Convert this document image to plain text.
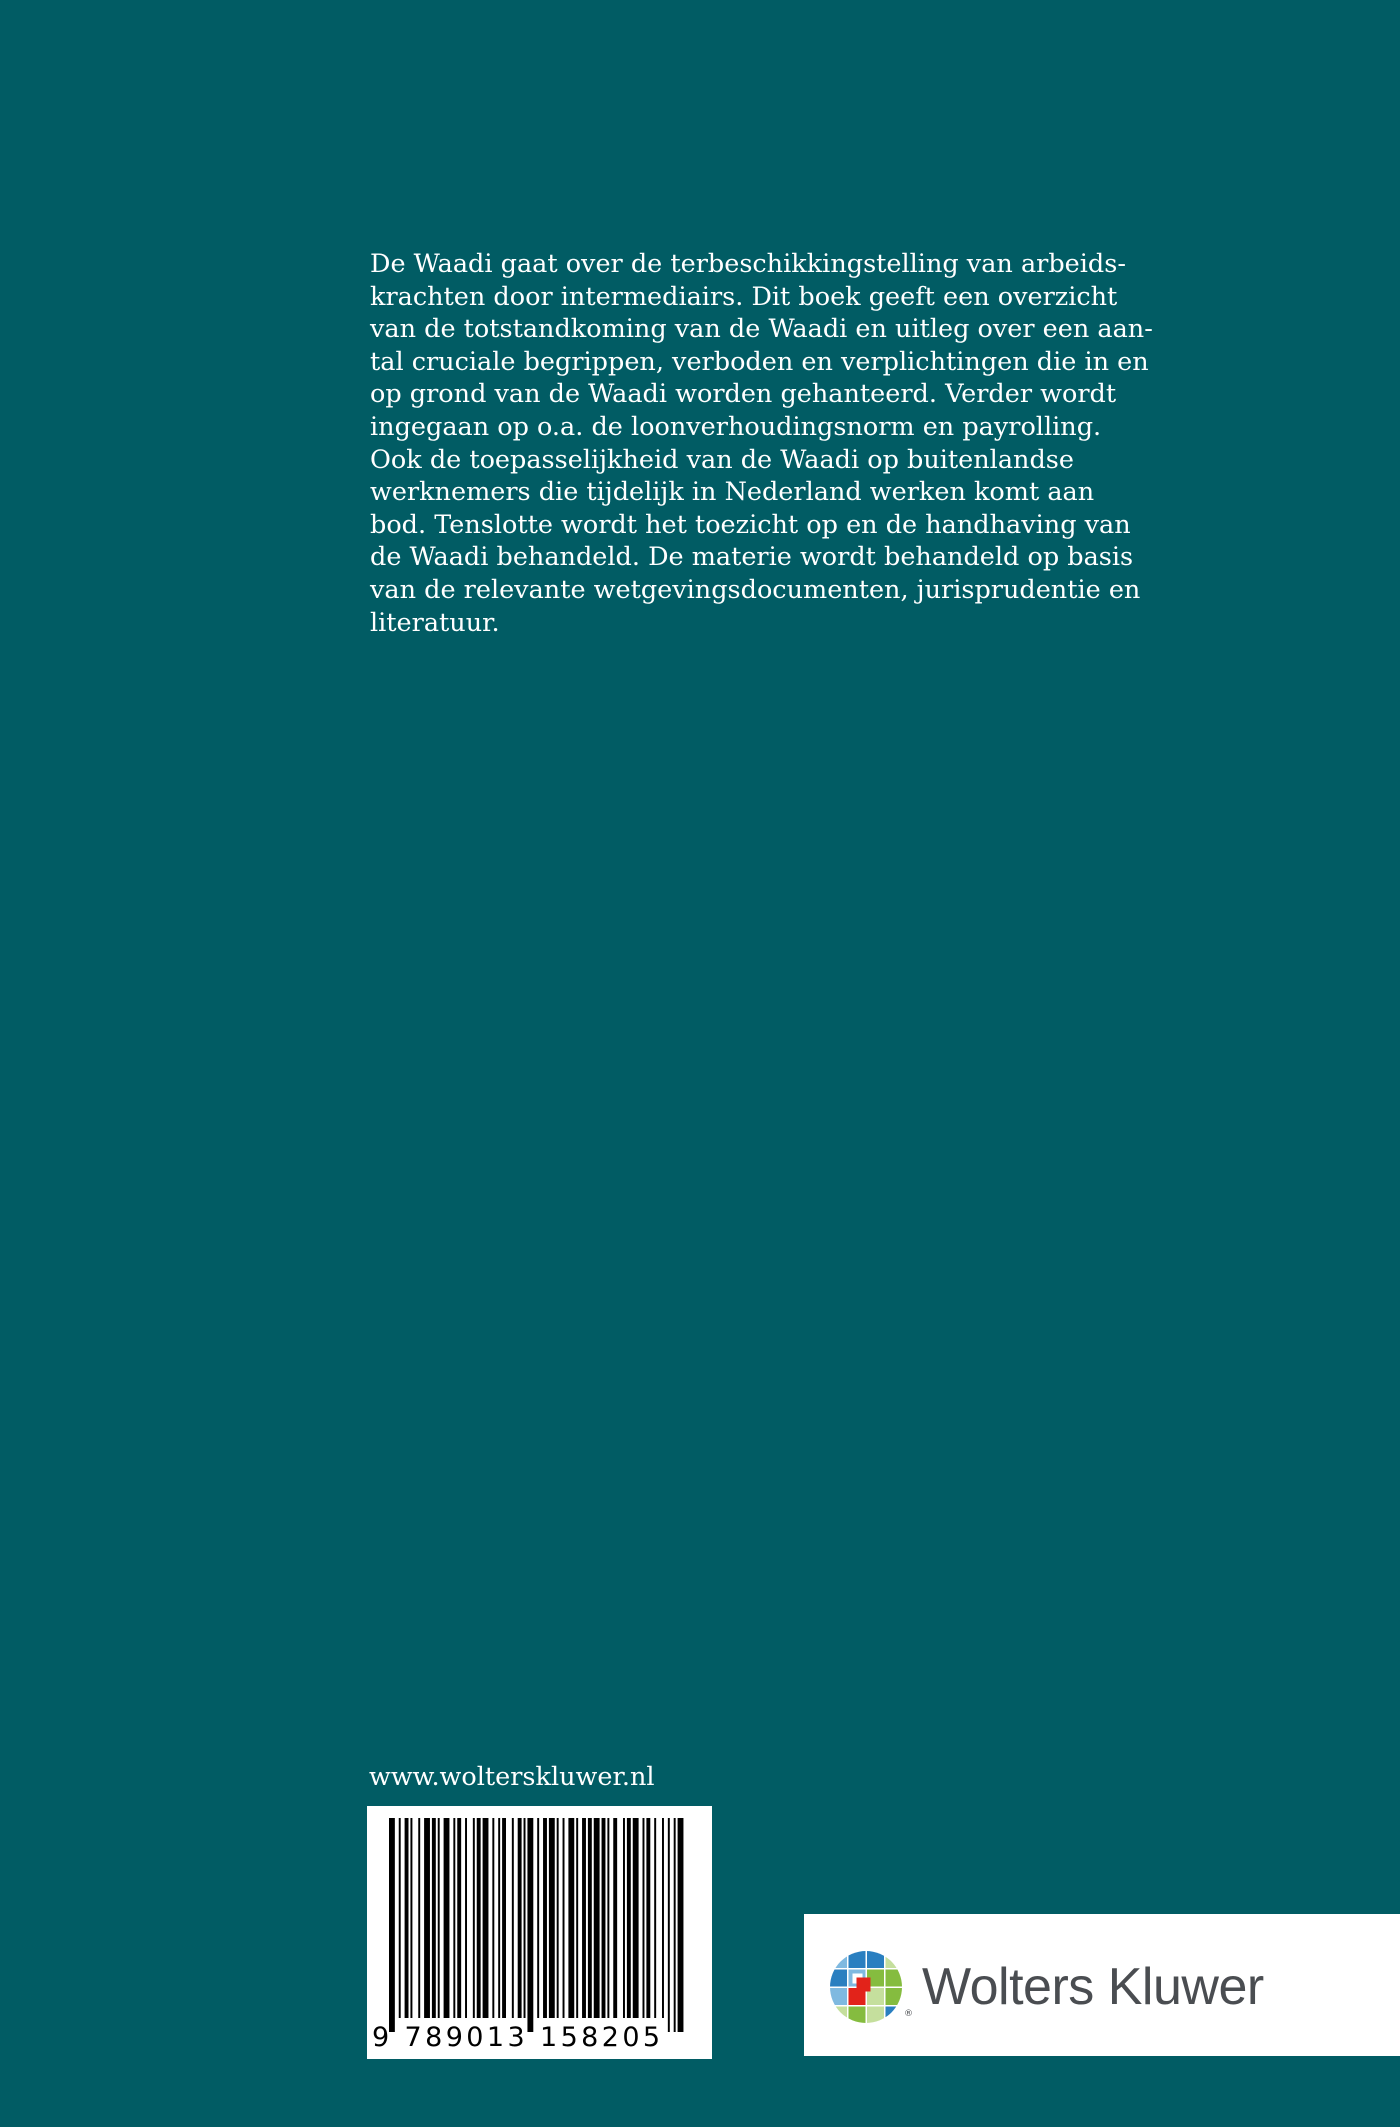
De Waadi gaat over de terbeschikkingstelling van arbeids-
krachten door intermediairs. Dit boek geeft een overzicht
van de totstandkoming van de Waadi en uitleg over een aan-
tal cruciale begrippen, verboden en verplichtingen die in en
op grond van de Waadi worden gehanteerd. Verder wordt
ingegaan op o.a. de loonverhoudingsnorm en payrolling.
Ook de toepasselijkheid van de Waadi op buitenlandse
werknemers die tijdelijk in Nederland werken komt aan
bod. Tenslotte wordt het toezicht op en de handhaving van
de Waadi behandeld. De materie wordt behandeld op basis
van de relevante wetgevingsdocumenten, jurisprudentie en
literatuur.
www.wolterskluwer.nl
9 789013 158205
® Wolters Kluwer
